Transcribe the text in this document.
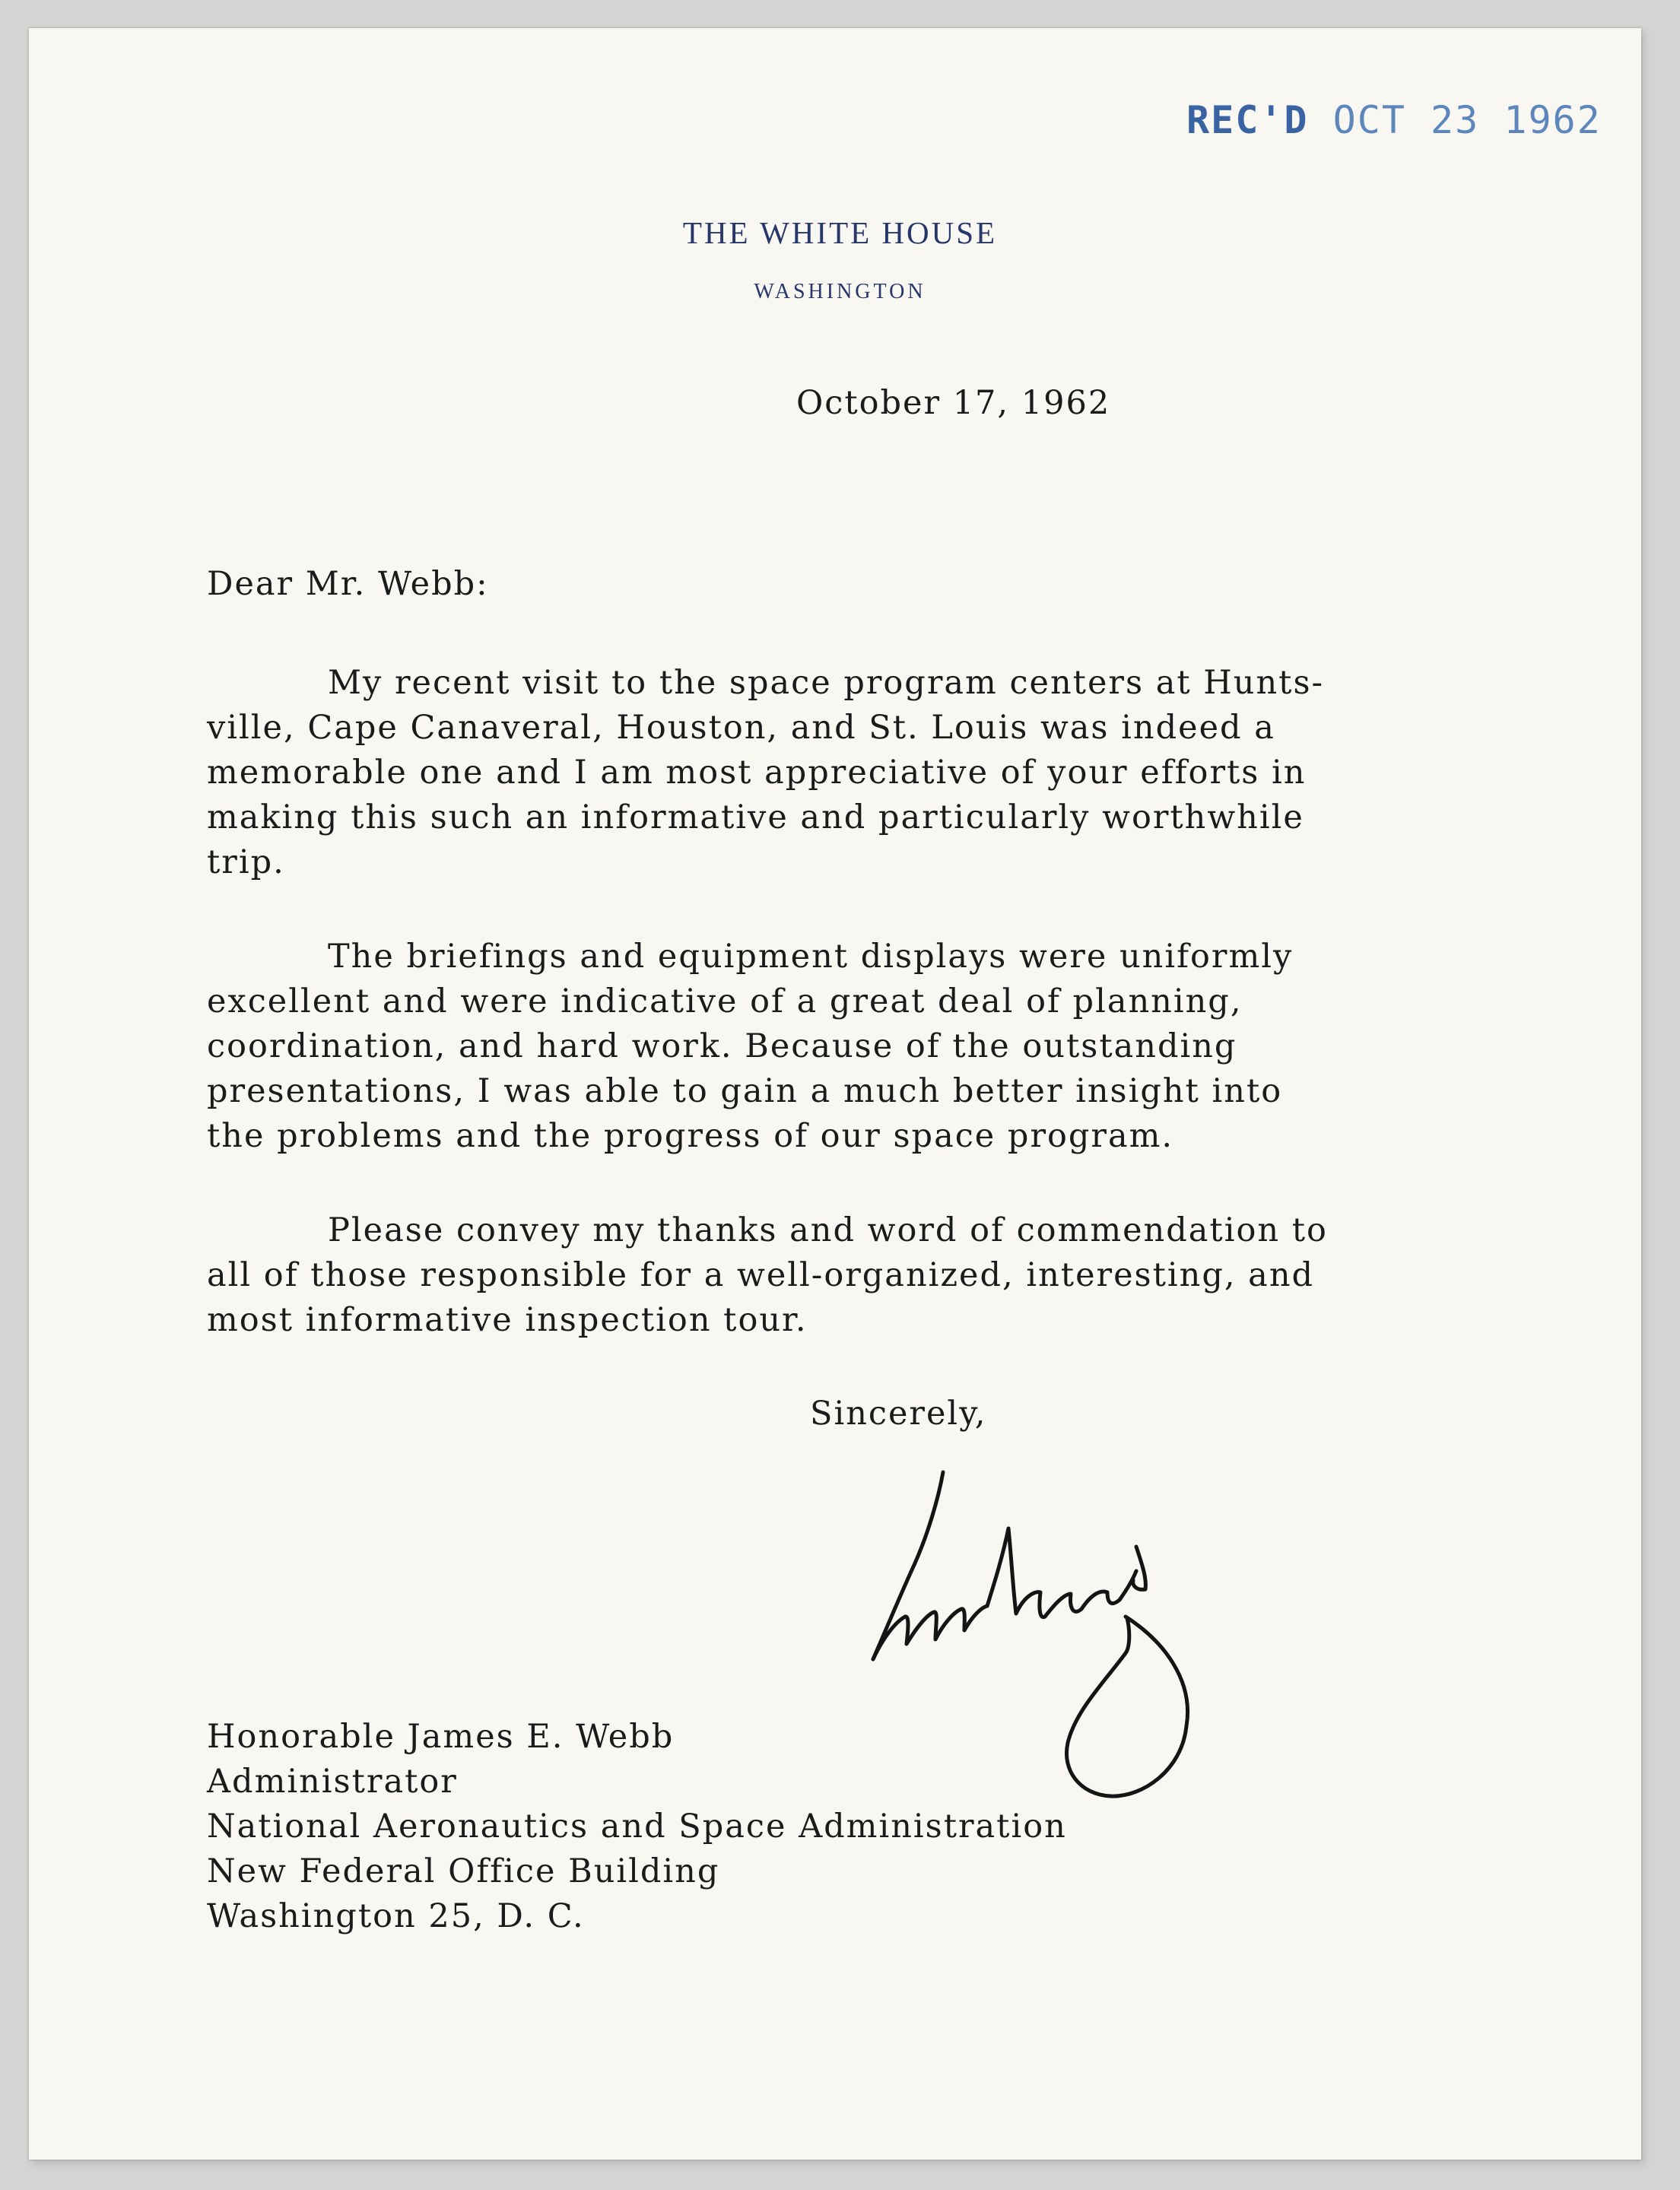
REC'D
OCT 23 1962
THE WHITE HOUSE
WASHINGTON
October 17, 1962
Dear Mr. Webb:
My recent visit to the space program centers at Hunts-
ville, Cape Canaveral, Houston, and St. Louis was indeed a
memorable one and I am most appreciative of your efforts in
making this such an informative and particularly worthwhile
trip.
The briefings and equipment displays were uniformly
excellent and were indicative of a great deal of planning,
coordination, and hard work. Because of the outstanding
presentations, I was able to gain a much better insight into
the problems and the progress of our space program.
Please convey my thanks and word of commendation to
all of those responsible for a well-organized, interesting, and
most informative inspection tour.
Sincerely,
Honorable James E. Webb
Administrator
National Aeronautics and Space Administration
New Federal Office Building
Washington 25, D. C.
